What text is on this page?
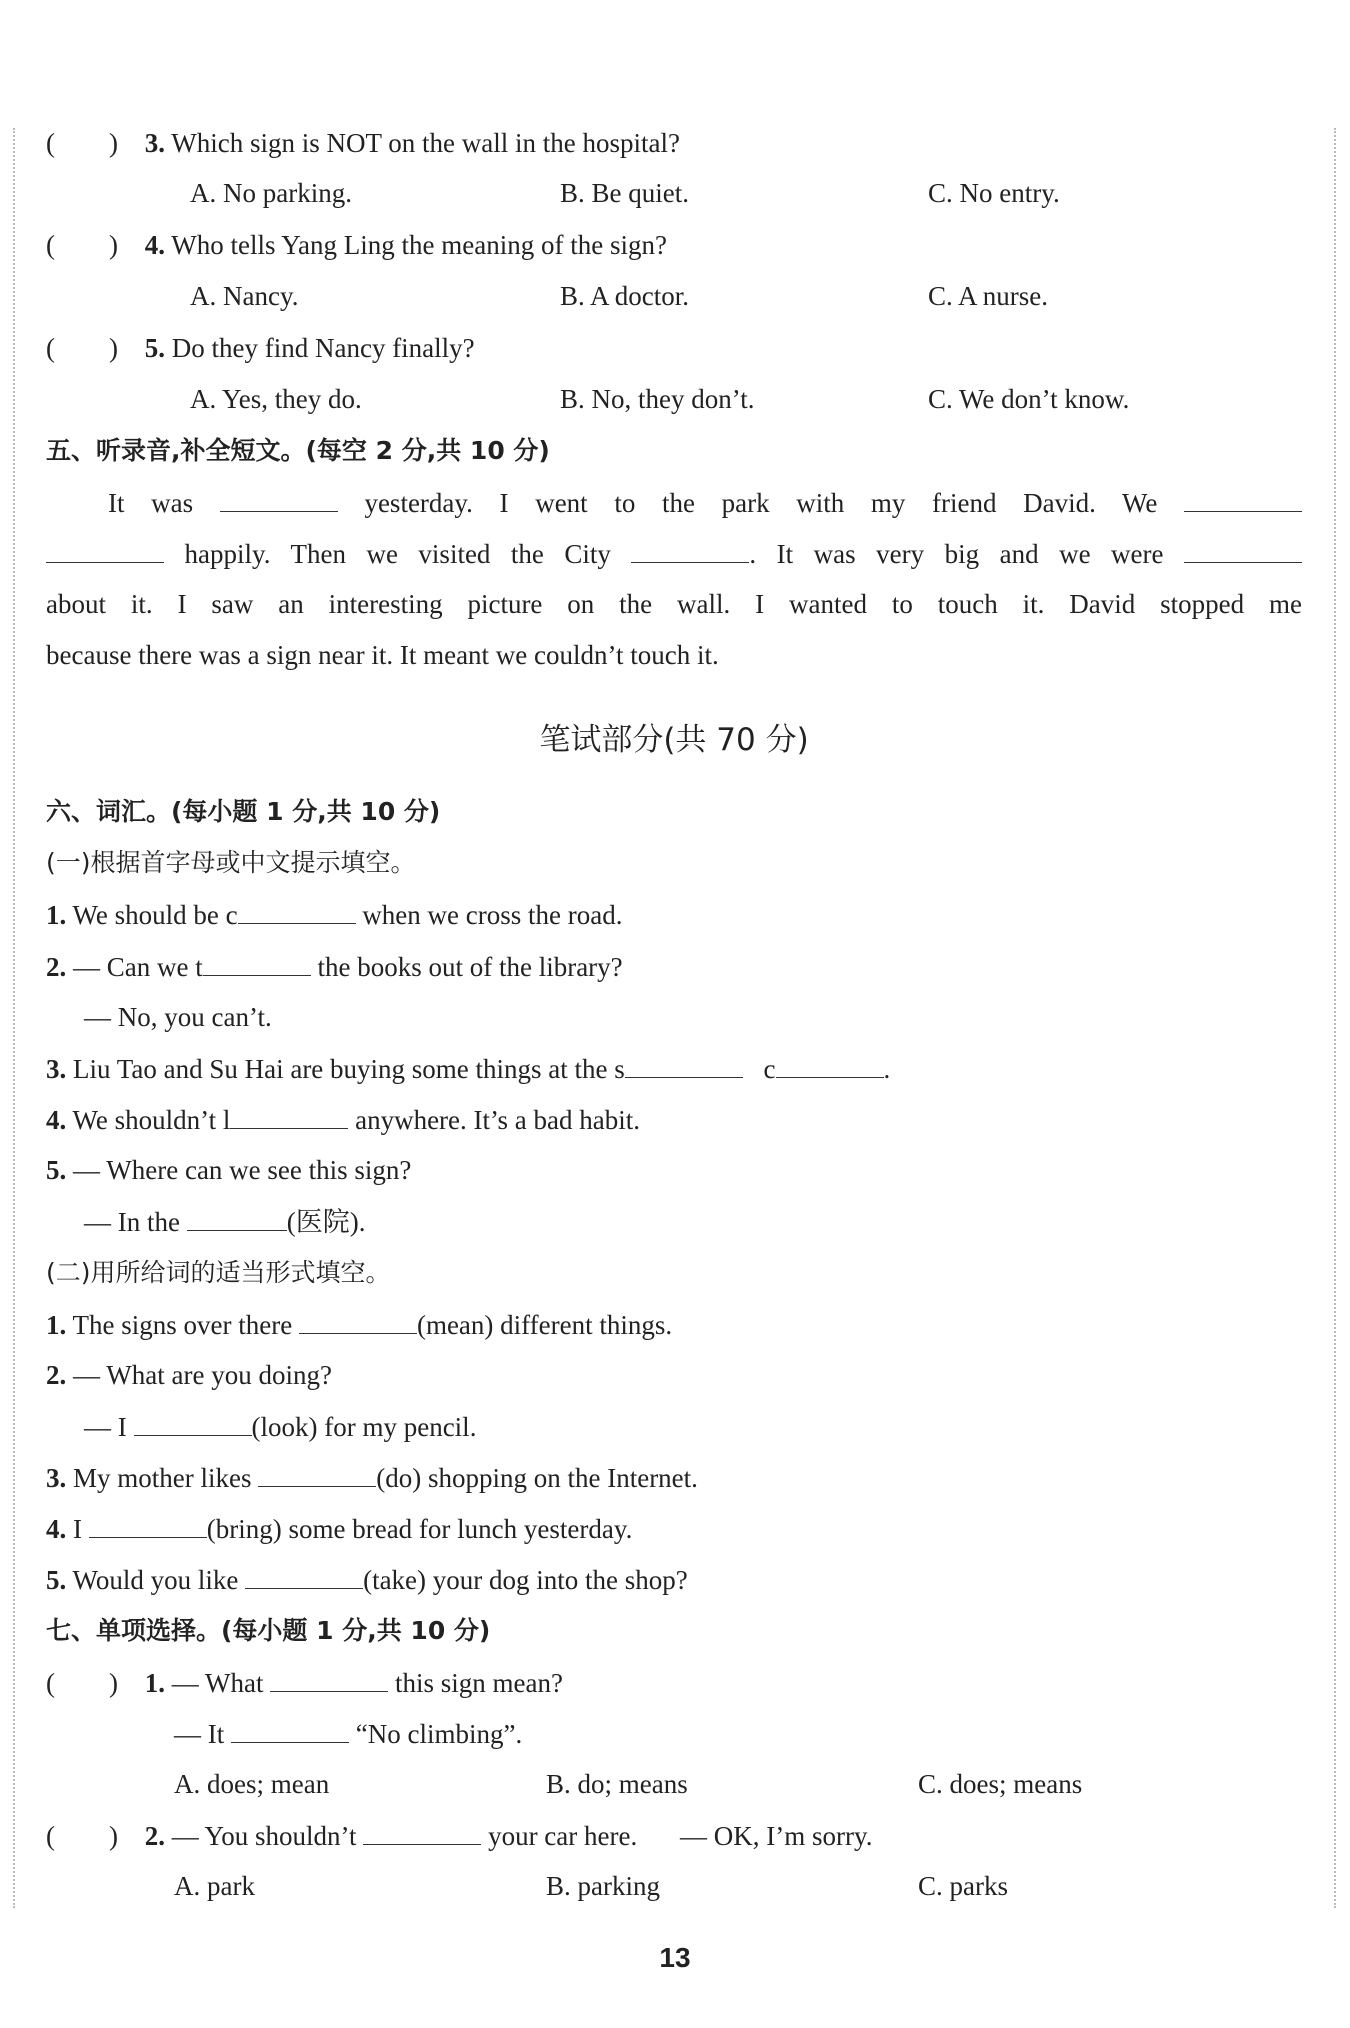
(　　) 3. Which sign is NOT on the wall in the hospital?
A. No parking.	B. Be quiet.	C. No entry.
(　　) 4. Who tells Yang Ling the meaning of the sign?
A. Nancy.	B. A doctor.	C. A nurse.
(　　) 5. Do they find Nancy finally?
A. Yes, they do.	B. No, they don’t.	C. We don’t know.
五、听录音,补全短文。(每空 2 分,共 10 分)
It was	yesterday. I went to the park with my friend David. We
happily. Then we visited the City	. It was very big and we were
about it. I saw an interesting picture on the wall. I wanted to touch it. David stopped me
because there was a sign near it. It meant we couldn’t touch it.
笔试部分(共 70 分)
六、词汇。(每小题 1 分,共 10 分)
(一)根据首字母或中文提示填空。
1. We should be c	when we cross the road.
2. — Can we t	the books out of the library?
— No, you can’t.
3. Liu Tao and Su Hai are buying some things at the s	c	.
4. We shouldn’t l	anywhere. It’s a bad habit.
5. — Where can we see this sign?
— In the	(医院).
(二)用所给词的适当形式填空。
1. The signs over there	(mean) different things.
2. — What are you doing?
— I	(look) for my pencil.
3. My mother likes	(do) shopping on the Internet.
4. I	(bring) some bread for lunch yesterday.
5. Would you like	(take) your dog into the shop?
七、单项选择。(每小题 1 分,共 10 分)
(　　) 1. — What	this sign mean?
— It	“No climbing”.
A. does; mean	B. do; means	C. does; means
(　　) 2. — You shouldn’t	your car here. — OK, I’m sorry.
A. park	B. parking	C. parks
13
